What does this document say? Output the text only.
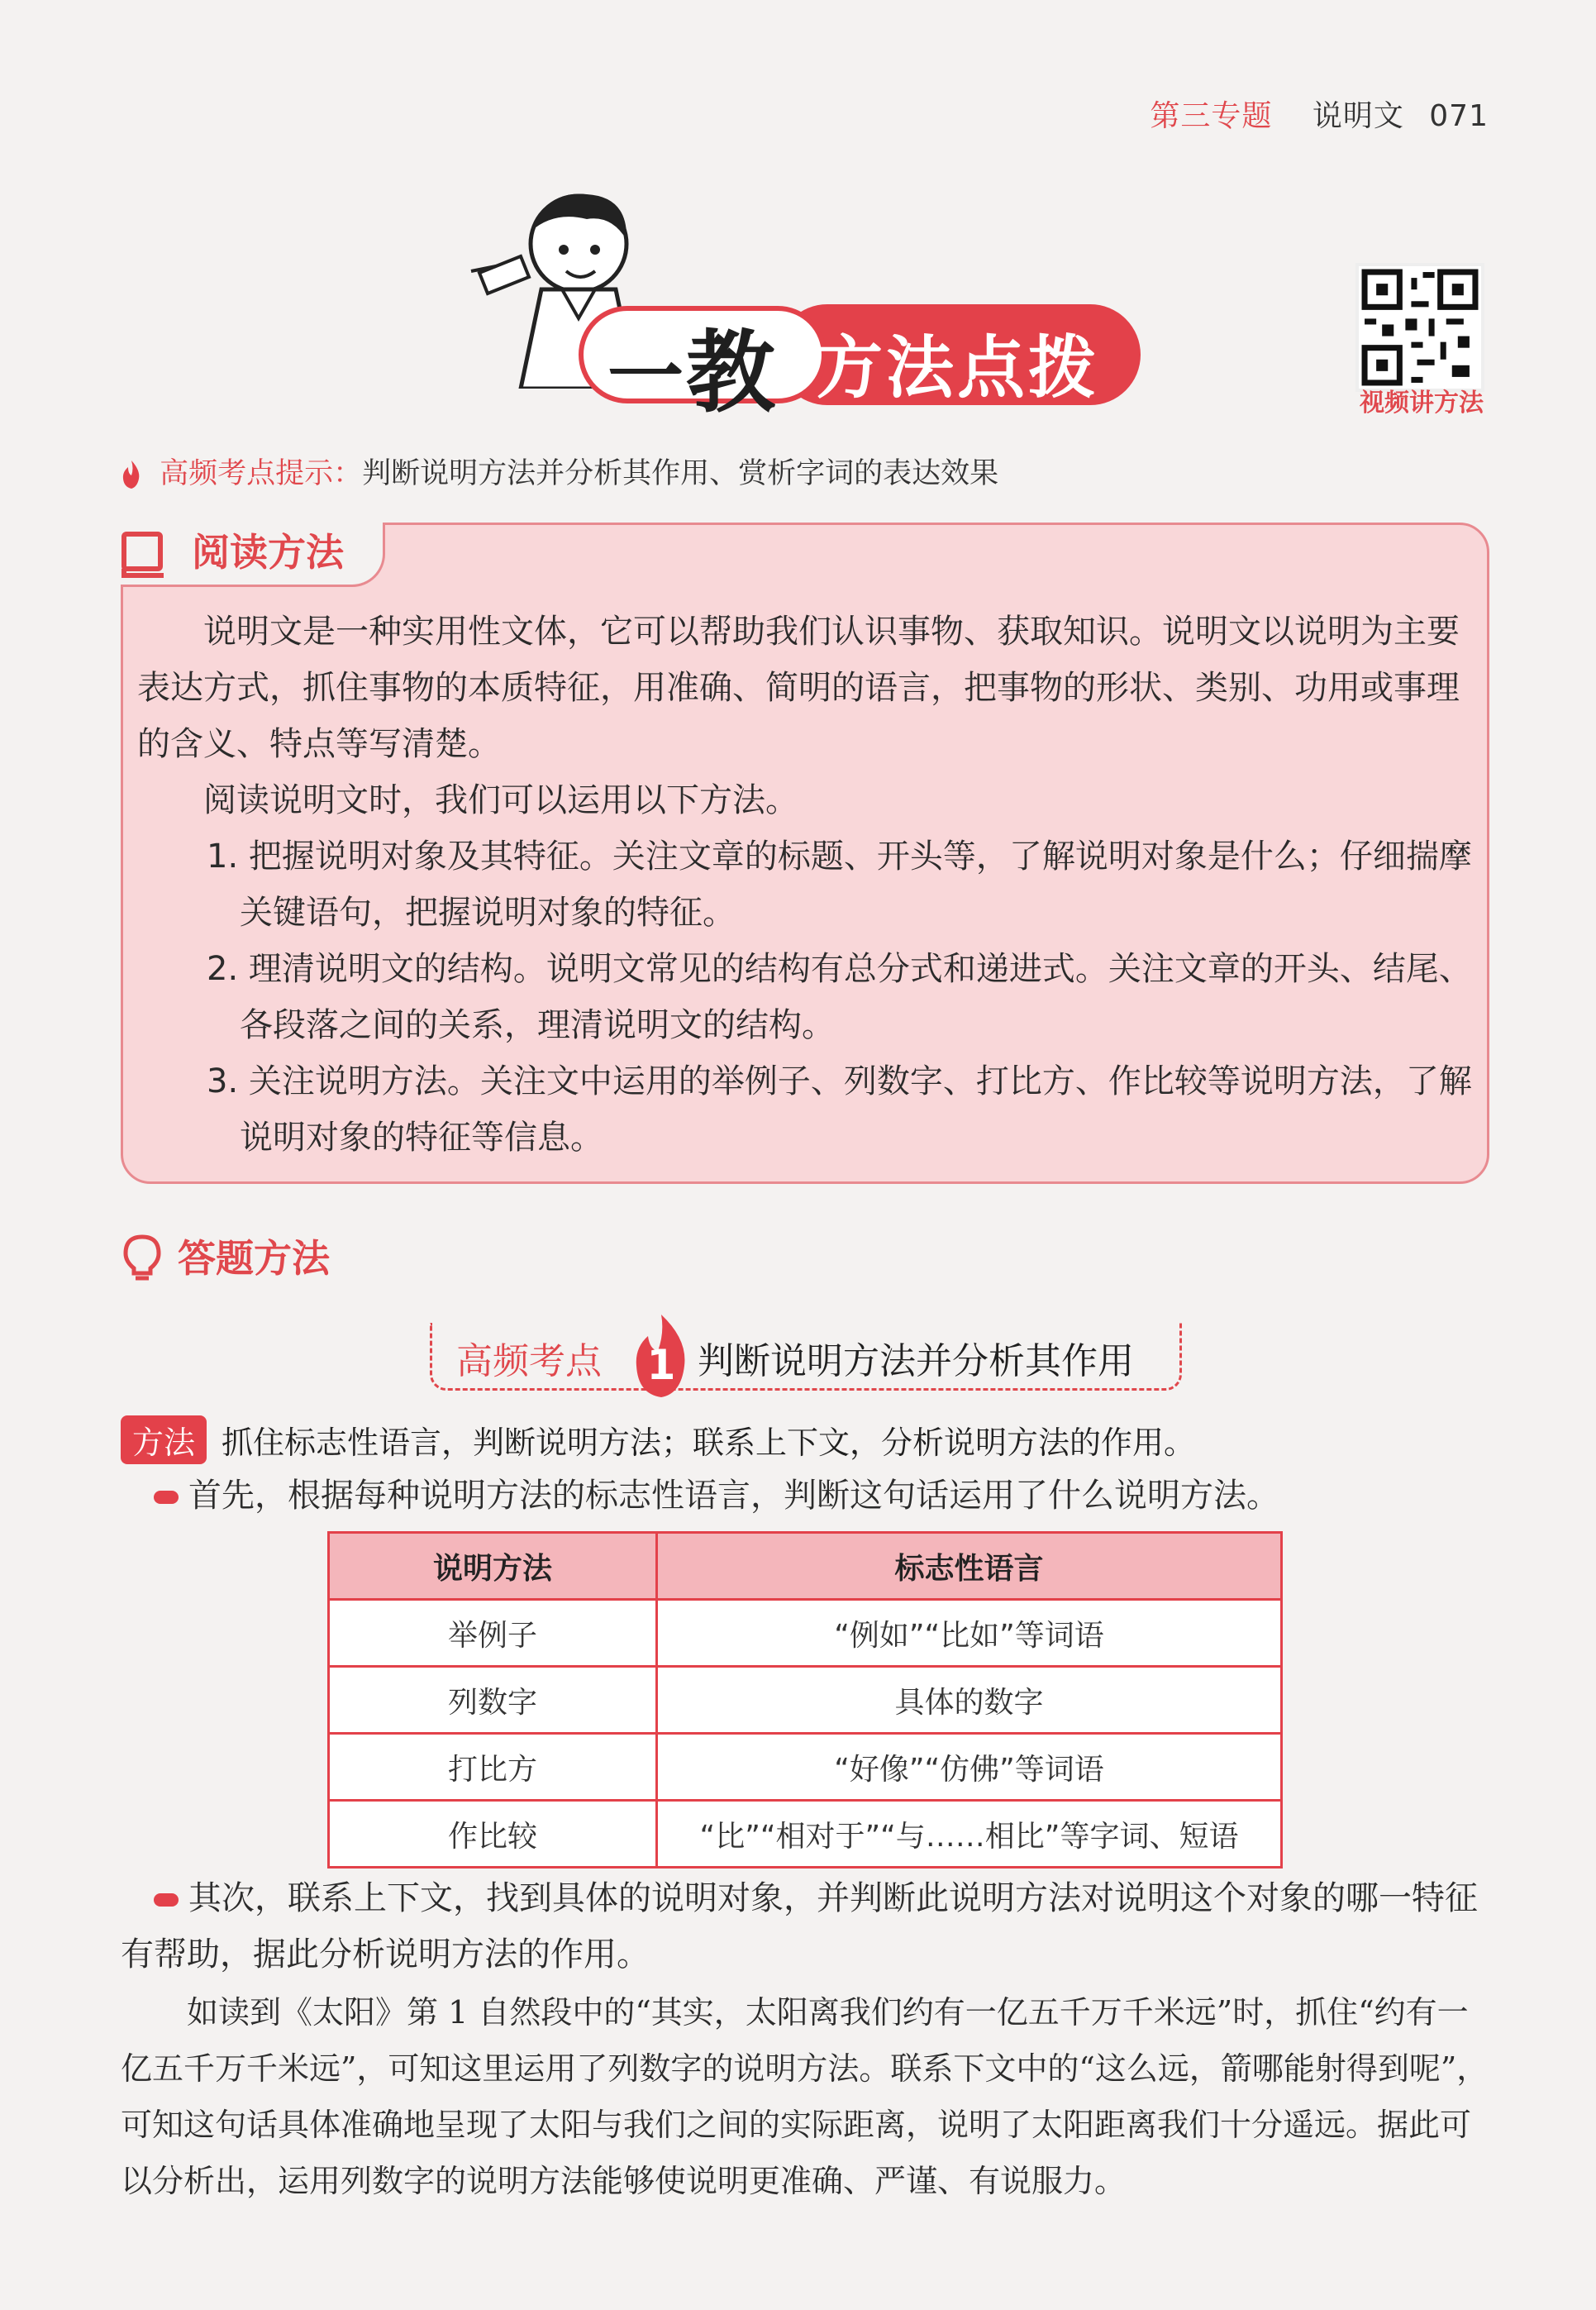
第三专题 说明文 071
一 教 方法点拨	视频讲方法
高频考点提示：判断说明方法并分析其作用、赏析字词的表达效果
阅读方法

说明文是一种实用性文体，它可以帮助我们认识事物、获取知识。说明文以说明为主要表达方式，抓住事物的本质特征，用准确、简明的语言，把事物的形状、类别、功用或事理的含义、特点等写清楚。

阅读说明文时，我们可以运用以下方法。

1. 把握说明对象及其特征。关注文章的标题、开头等，了解说明对象是什么；仔细揣摩关键语句，把握说明对象的特征。

2. 理清说明文的结构。说明文常见的结构有总分式和递进式。关注文章的开头、结尾、各段落之间的关系，理清说明文的结构。

3. 关注说明方法。关注文中运用的举例子、列数字、打比方、作比较等说明方法，了解说明对象的特征等信息。

答题方法
高频考点 1 判断说明方法并分析其作用
方法 抓住标志性语言，判断说明方法；联系上下文，分析说明方法的作用。

首先，根据每种说明方法的标志性语言，判断这句话运用了什么说明方法。

说明方法	标志性语言
举例子	“例如”“比如”等词语
列数字	具体的数字
打比方	“好像”“仿佛”等词语
作比较	“比”“相对于”“与……相比”等字词、短语

其次，联系上下文，找到具体的说明对象，并判断此说明方法对说明这个对象的哪一特征有帮助，据此分析说明方法的作用。

如读到《太阳》第 1 自然段中的“其实，太阳离我们约有一亿五千万千米远”时，抓住“约有一亿五千万千米远”，可知这里运用了列数字的说明方法。联系下文中的“这么远，箭哪能射得到呢”，可知这句话具体准确地呈现了太阳与我们之间的实际距离，说明了太阳距离我们十分遥远。据此可以分析出，运用列数字的说明方法能够使说明更准确、严谨、有说服力。
